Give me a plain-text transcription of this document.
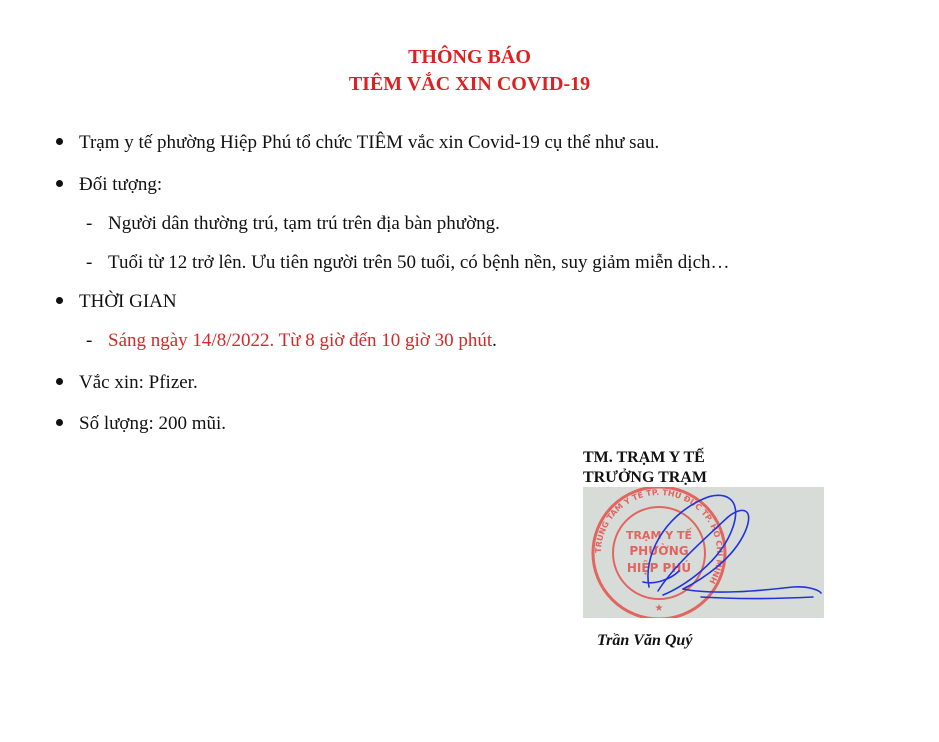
THÔNG BÁO
TIÊM VẮC XIN COVID-19
Trạm y tế phường Hiệp Phú tổ chức TIÊM vắc xin Covid-19 cụ thể như sau.
Đối tượng:
- Người dân thường trú, tạm trú trên địa bàn phường.
- Tuổi từ 12 trở lên. Ưu tiên người trên 50 tuổi, có bệnh nền, suy giảm miễn dịch…
THỜI GIAN
- Sáng ngày 14/8/2022. Từ 8 giờ đến 10 giờ 30 phút.
Vắc xin: Pfizer.
Số lượng: 200 mũi.
TM. TRẠM Y TẾ
TRƯỞNG TRẠM
TRUNG TÂM Y TẾ TP. THỦ ĐỨC TP. HỒ CHÍ MINH
TRẠM Y TẾ
PHƯỜNG
HIỆP PHÚ
★
Trần Văn Quý
